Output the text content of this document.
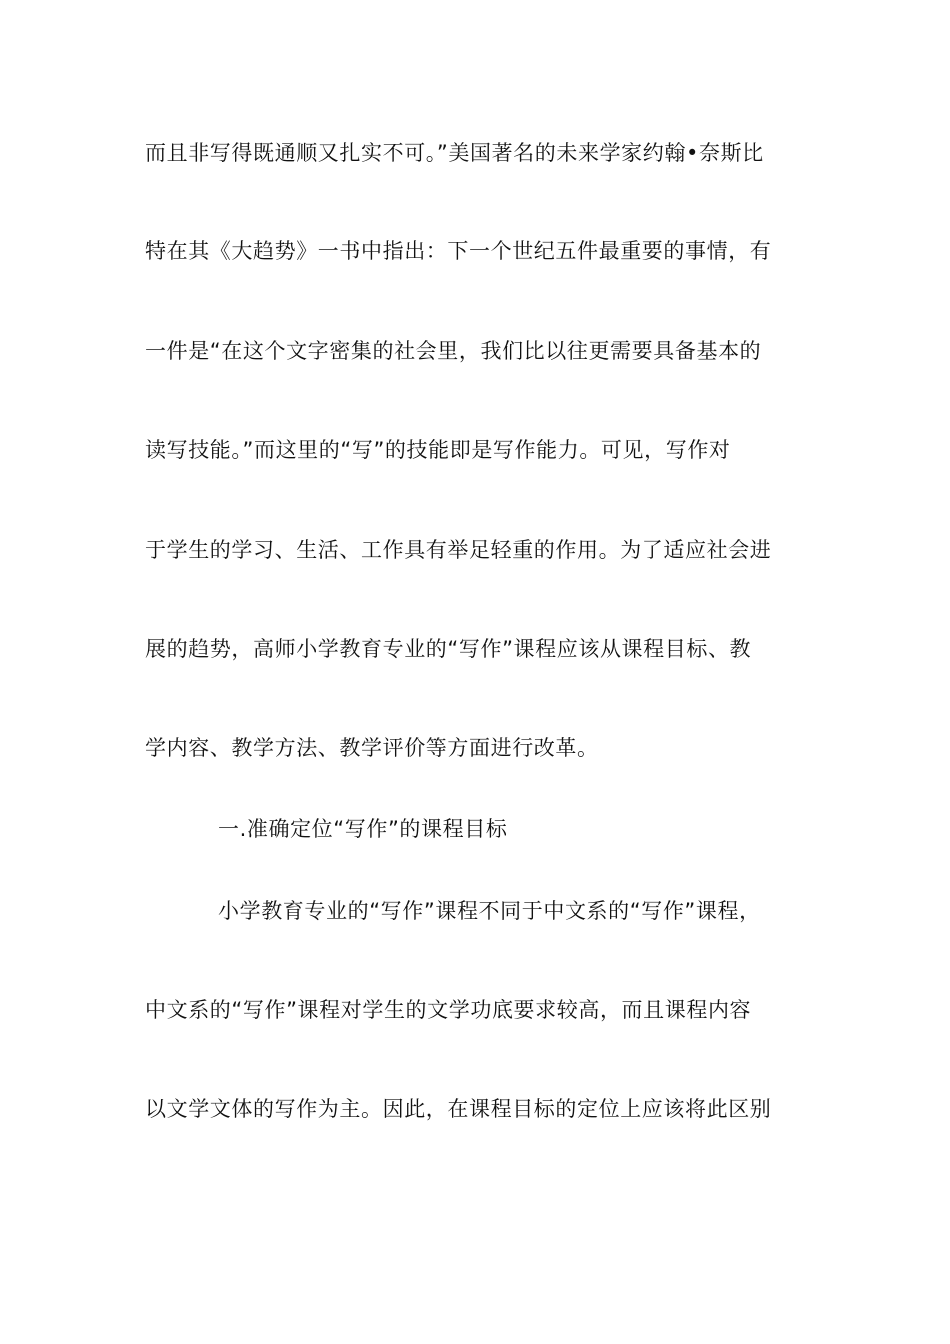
而且非写得既通顺又扎实不可。”美国著名的未来学家约翰•奈斯比
特在其《大趋势》一书中指出：下一个世纪五件最重要的事情，有
一件是“在这个文字密集的社会里，我们比以往更需要具备基本的
读写技能。”而这里的“写”的技能即是写作能力。可见，写作对
于学生的学习、生活、工作具有举足轻重的作用。为了适应社会进
展的趋势，高师小学教育专业的“写作”课程应该从课程目标、教
学内容、教学方法、教学评价等方面进行改革。
一.准确定位“写作”的课程目标
小学教育专业的“写作”课程不同于中文系的“写作”课程，
中文系的“写作”课程对学生的文学功底要求较高，而且课程内容
以文学文体的写作为主。因此，在课程目标的定位上应该将此区别
